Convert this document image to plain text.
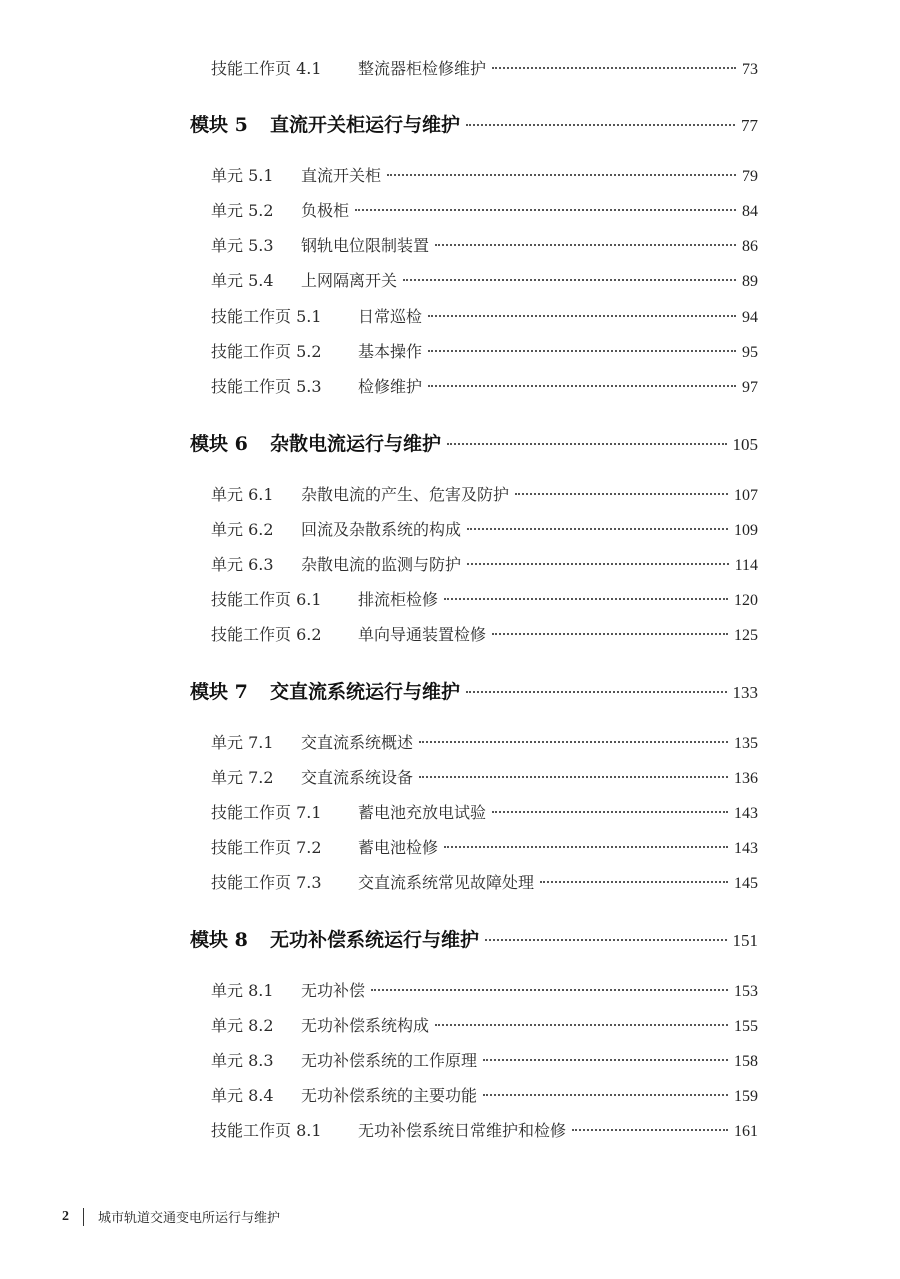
技能工作页 4.1	整流器柜检修维护	73
模块 5	直流开关柜运行与维护	77
单元 5.1	直流开关柜	79
单元 5.2	负极柜	84
单元 5.3	钢轨电位限制装置	86
单元 5.4	上网隔离开关	89
技能工作页 5.1	日常巡检	94
技能工作页 5.2	基本操作	95
技能工作页 5.3	检修维护	97
模块 6	杂散电流运行与维护	105
单元 6.1	杂散电流的产生、危害及防护	107
单元 6.2	回流及杂散系统的构成	109
单元 6.3	杂散电流的监测与防护	114
技能工作页 6.1	排流柜检修	120
技能工作页 6.2	单向导通装置检修	125
模块 7	交直流系统运行与维护	133
单元 7.1	交直流系统概述	135
单元 7.2	交直流系统设备	136
技能工作页 7.1	蓄电池充放电试验	143
技能工作页 7.2	蓄电池检修	143
技能工作页 7.3	交直流系统常见故障处理	145
模块 8	无功补偿系统运行与维护	151
单元 8.1	无功补偿	153
单元 8.2	无功补偿系统构成	155
单元 8.3	无功补偿系统的工作原理	158
单元 8.4	无功补偿系统的主要功能	159
技能工作页 8.1	无功补偿系统日常维护和检修	161
2 城市轨道交通变电所运行与维护
